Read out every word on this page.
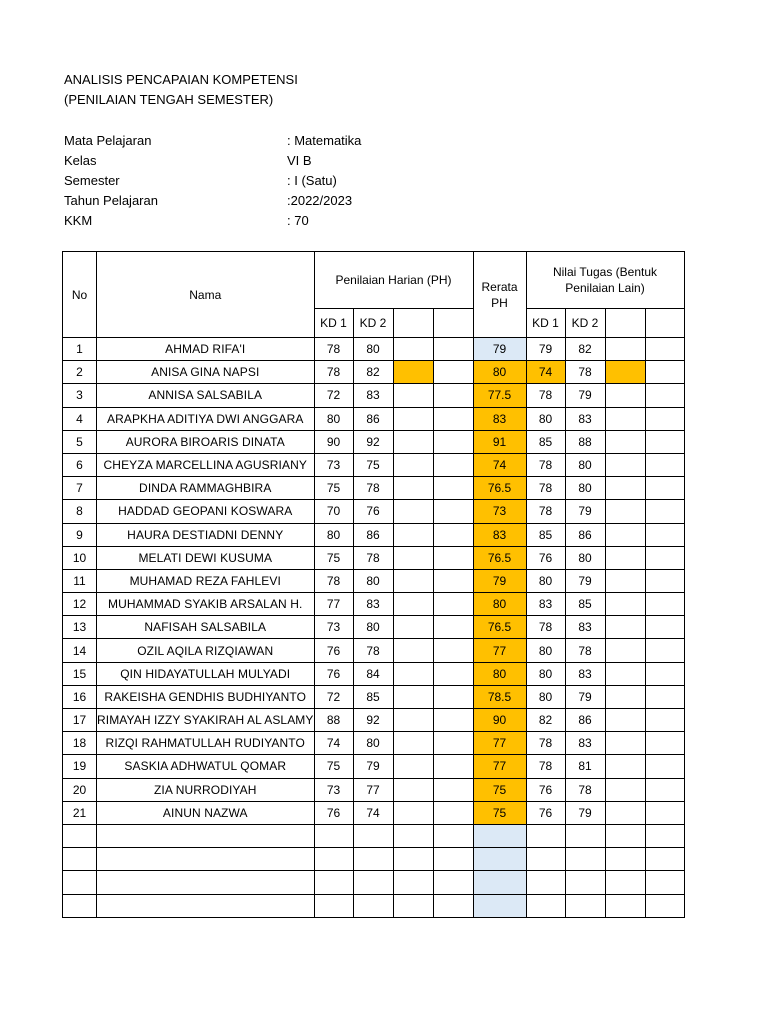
ANALISIS PENCAPAIAN KOMPETENSI
(PENILAIAN TENGAH SEMESTER)
Mata Pelajaran	: Matematika
Kelas	VI B
Semester	: I (Satu)
Tahun Pelajaran	:2022/2023
KKM	: 70
No	Nama	Penilaian Harian (PH)				Rerata PH	Nilai Tugas (Bentuk Penilaian Lain)			
		KD 1	KD 2				KD 1	KD 2		
1	AHMAD RIFA'I	78	80			79	79	82		
2	ANISA GINA NAPSI	78	82			80	74	78		
3	ANNISA SALSABILA	72	83			77.5	78	79		
4	ARAPKHA ADITIYA DWI ANGGARA	80	86			83	80	83		
5	AURORA BIROARIS DINATA	90	92			91	85	88		
6	CHEYZA MARCELLINA AGUSRIANY	73	75			74	78	80		
7	DINDA RAMMAGHBIRA	75	78			76.5	78	80		
8	HADDAD GEOPANI KOSWARA	70	76			73	78	79		
9	HAURA DESTIADNI DENNY	80	86			83	85	86		
10	MELATI DEWI KUSUMA	75	78			76.5	76	80		
11	MUHAMAD REZA FAHLEVI	78	80			79	80	79		
12	MUHAMMAD SYAKIB ARSALAN H.	77	83			80	83	85		
13	NAFISAH SALSABILA	73	80			76.5	78	83		
14	OZIL AQILA RIZQIAWAN	76	78			77	80	78		
15	QIN HIDAYATULLAH MULYADI	76	84			80	80	83		
16	RAKEISHA GENDHIS BUDHIYANTO	72	85			78.5	80	79		
17	RIMAYAH IZZY SYAKIRAH AL ASLAMY	88	92			90	82	86		
18	RIZQI RAHMATULLAH RUDIYANTO	74	80			77	78	83		
19	SASKIA ADHWATUL QOMAR	75	79			77	78	81		
20	ZIA NURRODIYAH	73	77			75	76	78		
21	AINUN NAZWA	76	74			75	76	79		
